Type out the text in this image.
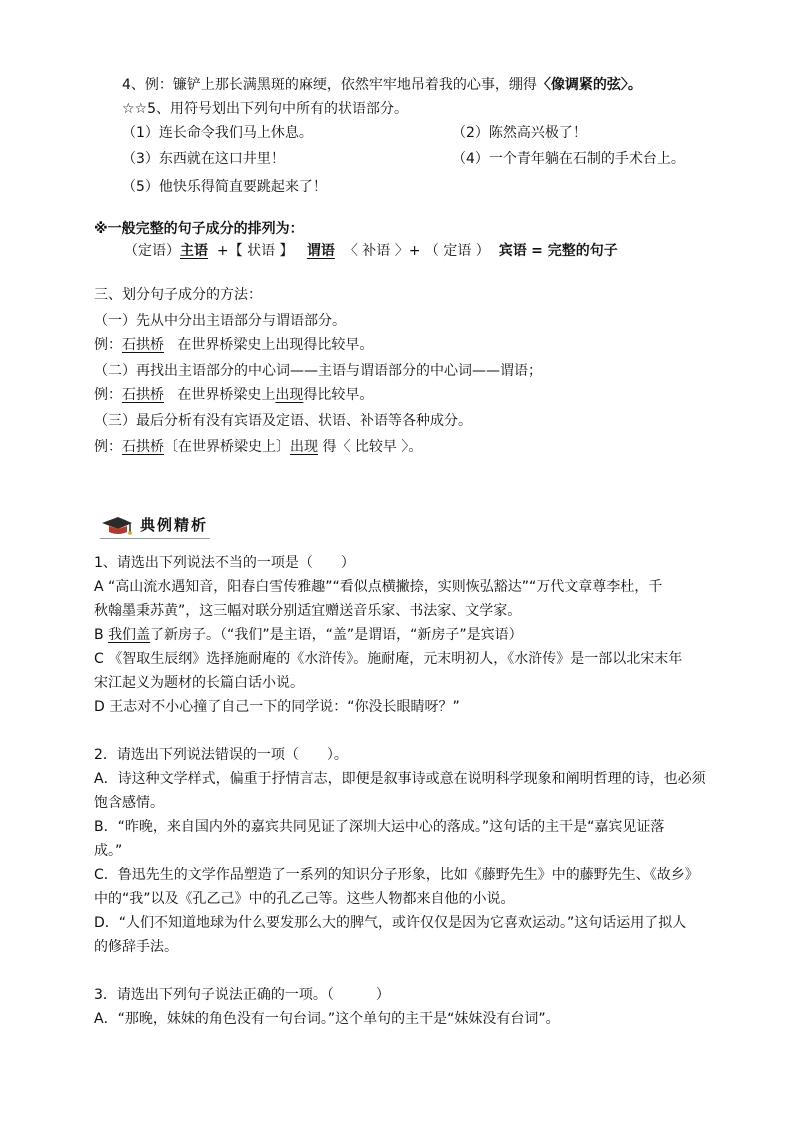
4、例：镰铲上那长满黑斑的麻绠，依然牢牢地吊着我的心事，绷得〈像调紧的弦〉。
☆☆5、用符号划出下列句中所有的状语部分。
（1）连长命令我们马上休息。	（2）陈然高兴极了！
（3）东西就在这口井里！	（4）一个青年躺在石制的手术台上。
（5）他快乐得简直要跳起来了！
※一般完整的句子成分的排列为：
（定语）主语 +【 状语 】 谓语 〈 补语 〉+ （ 定语 ） 宾语 = 完整的句子
三、划分句子成分的方法：
（一）先从中分出主语部分与谓语部分。
例：石拱桥 在世界桥梁史上出现得比较早。
（二）再找出主语部分的中心词——主语与谓语部分的中心词——谓语；
例：石拱桥 在世界桥梁史上出现得比较早。
（三）最后分析有没有宾语及定语、状语、补语等各种成分。
例：石拱桥〔在世界桥梁史上〕出现 得〈 比较早 〉。
典例精析
1、请选出下列说法不当的一项是（　　）
A “高山流水遇知音，阳春白雪传雅趣”“看似点横撇捺，实则恢弘豁达”“万代文章尊李杜，千
秋翰墨秉苏黄”，这三幅对联分别适宜赠送音乐家、书法家、文学家。
B 我们盖了新房子。（“我们”是主语，“盖”是谓语，“新房子”是宾语）
C 《智取生辰纲》选择施耐庵的《水浒传》。施耐庵，元末明初人，《水浒传》是一部以北宋末年
宋江起义为题材的长篇白话小说。
D 王志对不小心撞了自己一下的同学说：“你没长眼睛呀？”
2．请选出下列说法错误的一项（　　）。
A．诗这种文学样式，偏重于抒情言志，即便是叙事诗或意在说明科学现象和阐明哲理的诗，也必须
饱含感情。
B．“昨晚，来自国内外的嘉宾共同见证了深圳大运中心的落成。”这句话的主干是“嘉宾见证落
成。”
C．鲁迅先生的文学作品塑造了一系列的知识分子形象，比如《藤野先生》中的藤野先生、《故乡》
中的“我”以及《孔乙己》中的孔乙己等。这些人物都来自他的小说。
D．“人们不知道地球为什么要发那么大的脾气，或许仅仅是因为它喜欢运动。”这句话运用了拟人
的修辞手法。
3．请选出下列句子说法正确的一项。（　　　）
A．“那晚，妹妹的角色没有一句台词。”这个单句的主干是“妹妹没有台词”。
